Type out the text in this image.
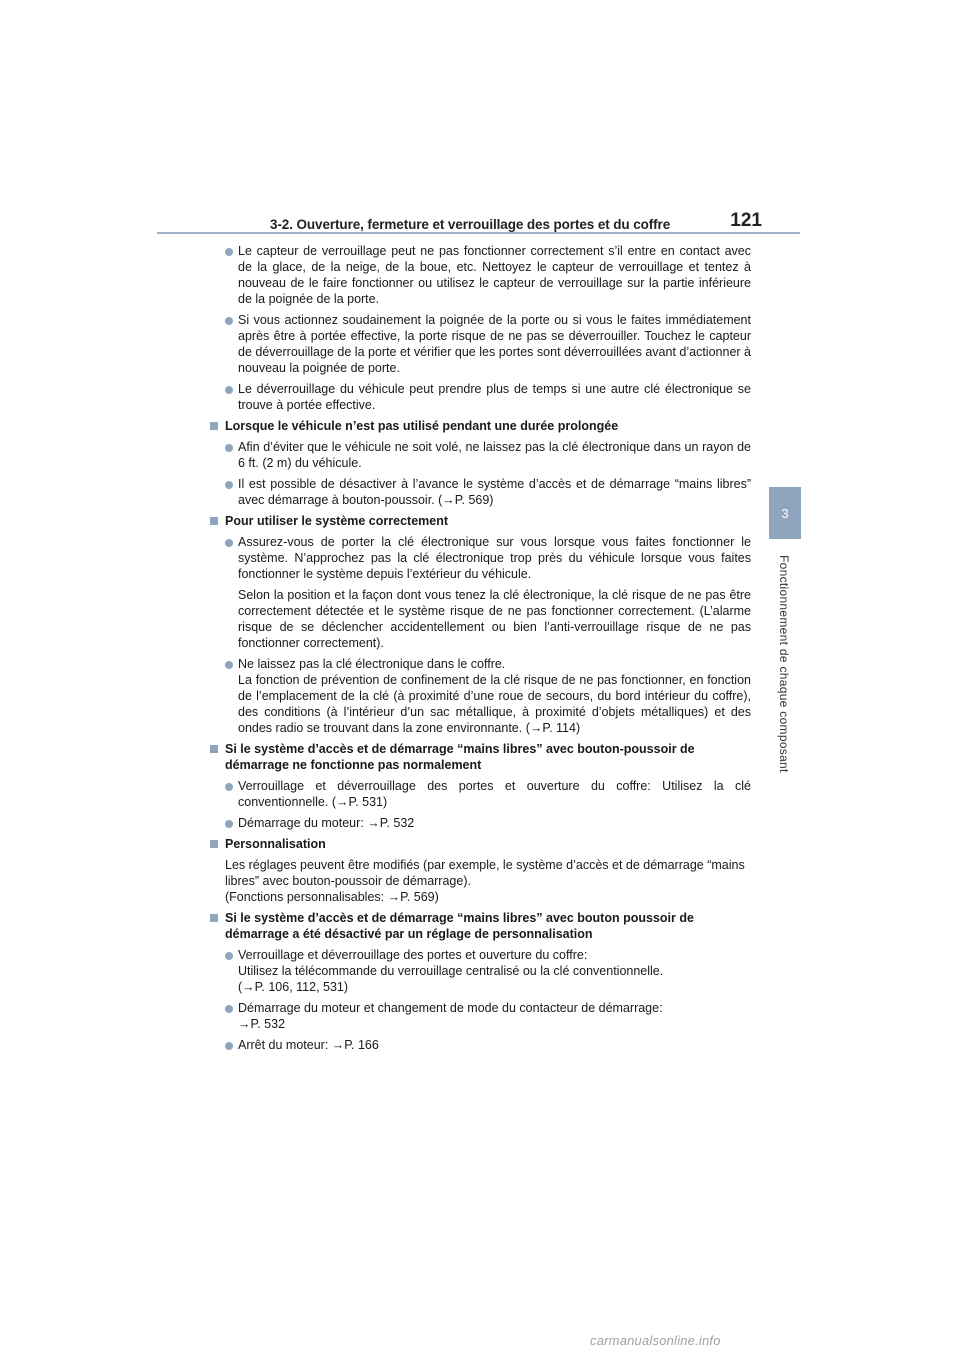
3-2. Ouverture, fermeture et verrouillage des portes et du coffre	121
3
Fonctionnement de chaque composant

Le capteur de verrouillage peut ne pas fonctionner correctement s’il entre en contact avec de la glace, de la neige, de la boue, etc. Nettoyez le capteur de verrouillage et tentez à nouveau de le faire fonctionner ou utilisez le capteur de verrouillage sur la partie inférieure de la poignée de la porte.

Si vous actionnez soudainement la poignée de la porte ou si vous le faites immédiatement après être à portée effective, la porte risque de ne pas se déverrouiller. Touchez le capteur de déverrouillage de la porte et vérifier que les portes sont déverrouillées avant d’actionner à nouveau la poignée de porte.

Le déverrouillage du véhicule peut prendre plus de temps si une autre clé électronique se trouve à portée effective.

Lorsque le véhicule n’est pas utilisé pendant une durée prolongée

Afin d’éviter que le véhicule ne soit volé, ne laissez pas la clé électronique dans un rayon de 6 ft. (2 m) du véhicule.

Il est possible de désactiver à l’avance le système d’accès et de démarrage “mains libres” avec démarrage à bouton-poussoir. (→P. 569)

Pour utiliser le système correctement

Assurez-vous de porter la clé électronique sur vous lorsque vous faites fonctionner le système. N’approchez pas la clé électronique trop près du véhicule lorsque vous faites fonctionner le système depuis l’extérieur du véhicule.

Selon la position et la façon dont vous tenez la clé électronique, la clé risque de ne pas être correctement détectée et le système risque de ne pas fonctionner correctement. (L’alarme risque de se déclencher accidentellement ou bien l’anti-verrouillage risque de ne pas fonctionner correctement).

Ne laissez pas la clé électronique dans le coffre.

La fonction de prévention de confinement de la clé risque de ne pas fonctionner, en fonction de l’emplacement de la clé (à proximité d’une roue de secours, du bord intérieur du coffre), des conditions (à l’intérieur d’un sac métallique, à proximité d’objets métalliques) et des ondes radio se trouvant dans la zone environnante. (→P. 114)

Si le système d’accès et de démarrage “mains libres” avec bouton-poussoir de démarrage ne fonctionne pas normalement

Verrouillage et déverrouillage des portes et ouverture du coffre: Utilisez la clé conventionnelle. (→P. 531)

Démarrage du moteur: →P. 532

Personnalisation

Les réglages peuvent être modifiés (par exemple, le système d’accès et de démarrage “mains libres” avec bouton-poussoir de démarrage).

(Fonctions personnalisables: →P. 569)

Si le système d’accès et de démarrage “mains libres” avec bouton poussoir de démarrage a été désactivé par un réglage de personnalisation

Verrouillage et déverrouillage des portes et ouverture du coffre:

Utilisez la télécommande du verrouillage centralisé ou la clé conventionnelle.

(→P. 106, 112, 531)

Démarrage du moteur et changement de mode du contacteur de démarrage:

→P. 532

Arrêt du moteur: →P. 166

carmanualsonline.info
